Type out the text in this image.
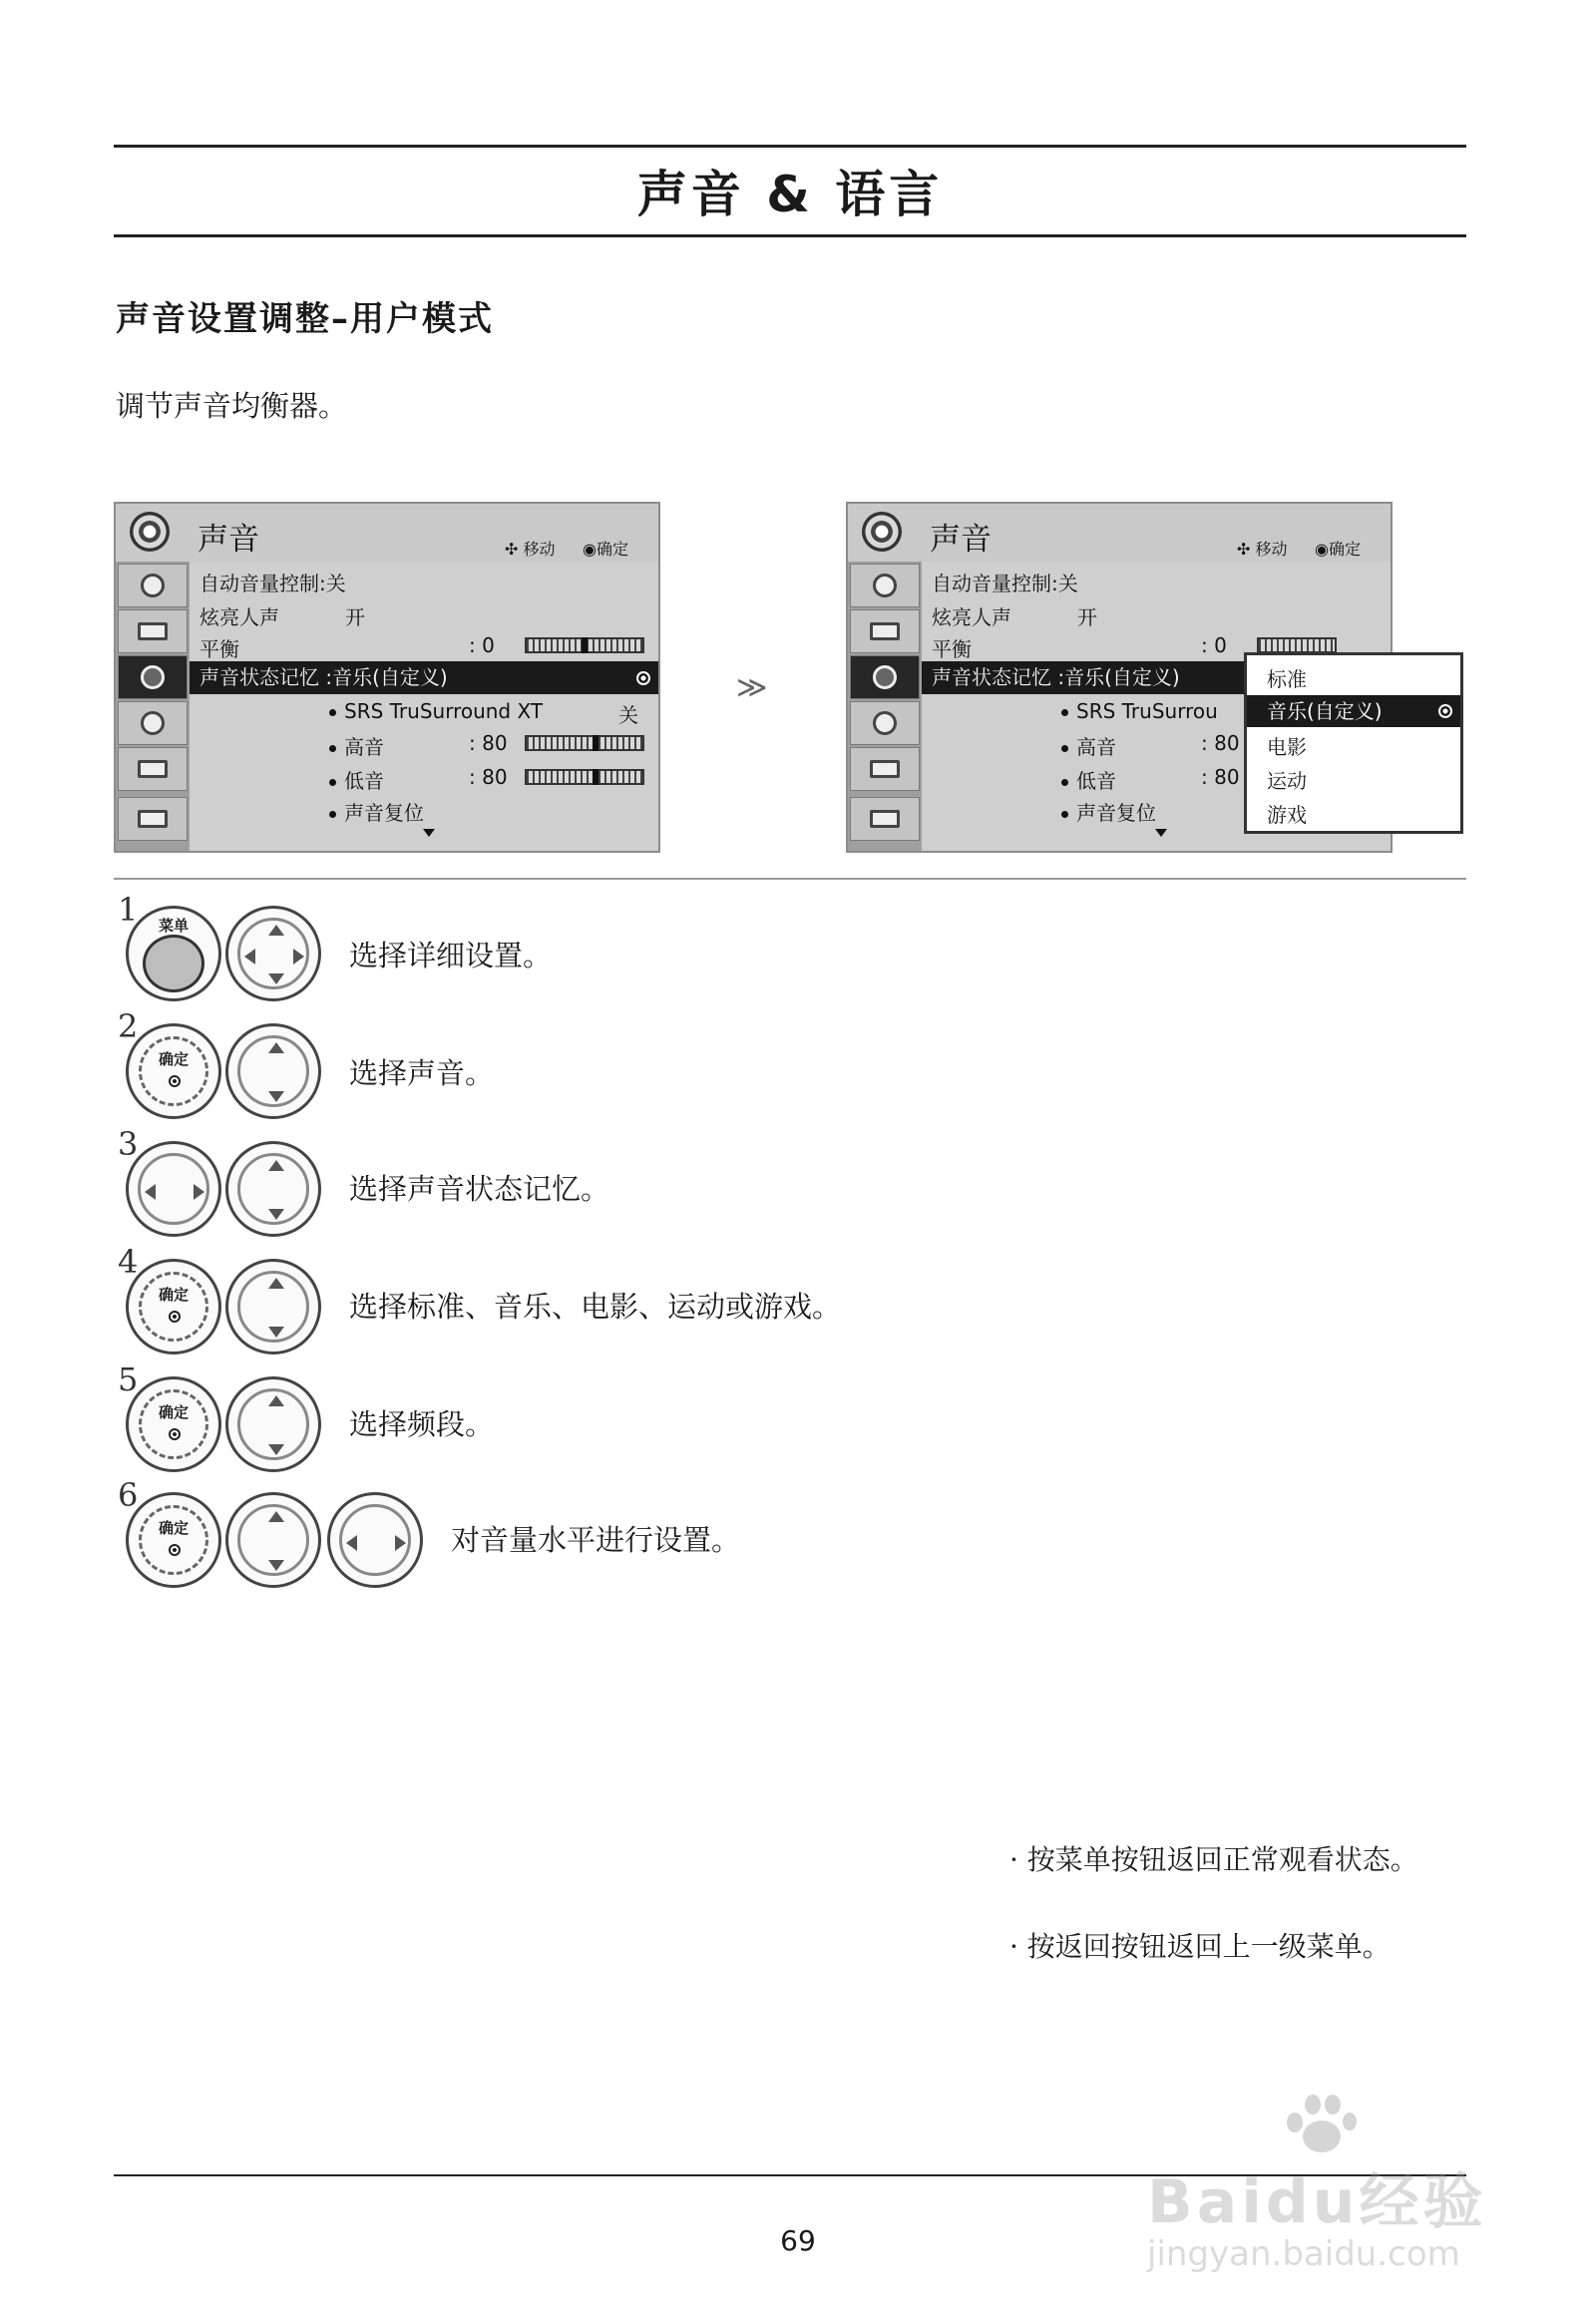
声音 & 语言
声音设置调整–用户模式
调节声音均衡器。
声音	✣ 移动 ◉确定
自动音量控制:关
炫亮人声	开
平衡	: 0
声音状态记忆 :音乐(自定义)
SRS TruSurround XT	关
高音	: 80
低音	: 80
声音复位
≫
声音	✣ 移动 ◉确定
自动音量控制:关
炫亮人声	开
平衡	: 0
声音状态记忆 :音乐(自定义)
SRS TruSurrou
高音	: 80
低音	: 80
声音复位
标准
音乐(自定义)
电影
运动
游戏
1	菜单
选择详细设置。
2
确定	选择声音。
3
选择声音状态记忆。
4
确定	选择标准、音乐、电影、运动或游戏。
5
确定	选择频段。
6
确定	对音量水平进行设置。
· 按菜单按钮返回正常观看状态。
· 按返回按钮返回上一级菜单。
69
Baidu经验
jingyan.baidu.com
